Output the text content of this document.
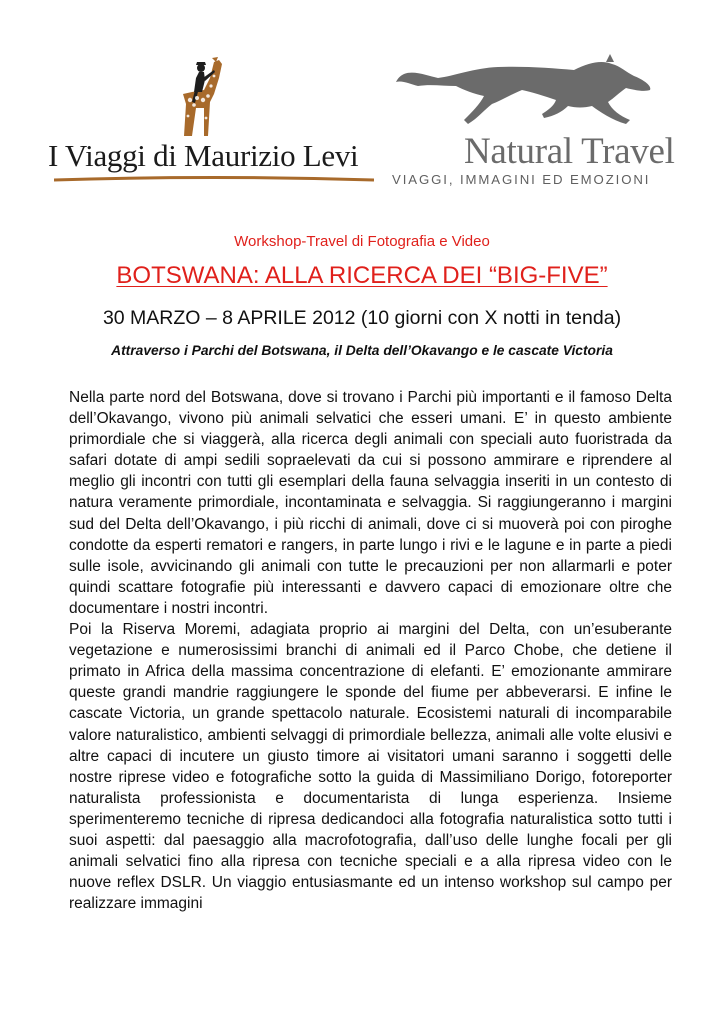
I Viaggi di Maurizio Levi	Natural Travel
VIAGGI, IMMAGINI ED EMOZIONI
Workshop-Travel di Fotografia e Video
BOTSWANA: ALLA RICERCA DEI “BIG-FIVE”
30 MARZO – 8 APRILE 2012 (10 giorni con X notti in tenda)
Attraverso i Parchi del Botswana, il Delta dell’Okavango e le cascate Victoria

Nella parte nord del Botswana, dove si trovano i Parchi più importanti e il famoso Delta dell’Okavango, vivono più animali selvatici che esseri umani. E’ in questo ambiente primordiale che si viaggerà, alla ricerca degli animali con speciali auto fuoristrada da safari dotate di ampi sedili sopraelevati da cui si possono ammirare e riprendere al meglio gli incontri con tutti gli esemplari della fauna selvaggia inseriti in un contesto di natura veramente primordiale, incontaminata e selvaggia. Si raggiungeranno i margini sud del Delta dell’Okavango, i più ricchi di animali, dove ci si muoverà poi con piroghe condotte da esperti rematori e rangers, in parte lungo i rivi e le lagune e in parte a piedi sulle isole, avvicinando gli animali con tutte le precauzioni per non allarmarli e poter quindi scattare fotografie più interessanti e davvero capaci di emozionare oltre che documentare i nostri incontri.

Poi la Riserva Moremi, adagiata proprio ai margini del Delta, con un’esuberante vegetazione e numerosissimi branchi di animali ed il Parco Chobe, che detiene il primato in Africa della massima concentrazione di elefanti. E’ emozionante ammirare queste grandi mandrie raggiungere le sponde del fiume per abbeverarsi. E infine le cascate Victoria, un grande spettacolo naturale. Ecosistemi naturali di incomparabile valore naturalistico, ambienti selvaggi di primordiale bellezza, animali alle volte elusivi e altre capaci di incutere un giusto timore ai visitatori umani saranno i soggetti delle nostre riprese video e fotografiche sotto la guida di Massimiliano Dorigo, fotoreporter naturalista professionista e documentarista di lunga esperienza. Insieme sperimenteremo tecniche di ripresa dedicandoci alla fotografia naturalistica sotto tutti i suoi aspetti: dal paesaggio alla macrofotografia, dall’uso delle lunghe focali per gli animali selvatici fino alla ripresa con tecniche speciali e a alla ripresa video con le nuove reflex DSLR. Un viaggio entusiasmante ed un intenso workshop sul campo per realizzare immagini
